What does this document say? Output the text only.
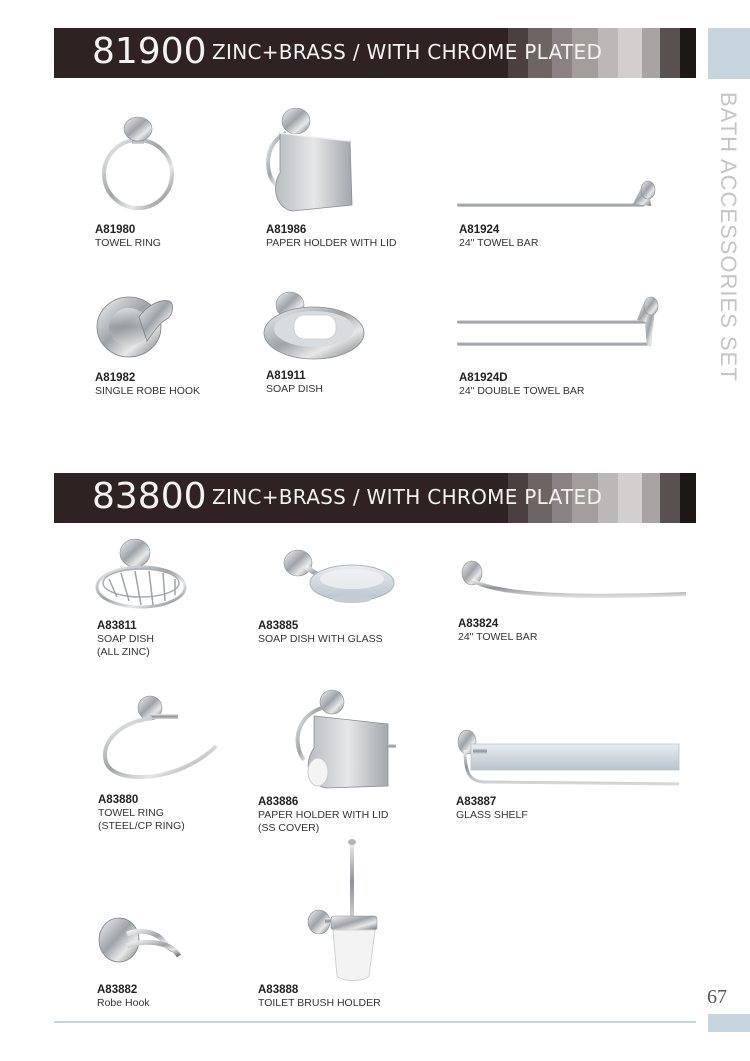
81900 ZINC+BRASS / WITH CHROME PLATED
BATH ACCESSORIES SET
A81980
TOWEL RING
A81986
PAPER HOLDER WITH LID
A81924
24" TOWEL BAR
A81982
SINGLE ROBE HOOK
A81911
SOAP DISH
A81924D
24" DOUBLE TOWEL BAR
83800 ZINC+BRASS / WITH CHROME PLATED
A83811
SOAP DISH
(ALL ZINC)
A83885
SOAP DISH WITH GLASS
A83824
24" TOWEL BAR
A83880
TOWEL RING
(STEEL/CP RING)
A83886
PAPER HOLDER WITH LID
(SS COVER)
A83887
GLASS SHELF
A83882
Robe Hook
A83888
TOILET BRUSH HOLDER	67
